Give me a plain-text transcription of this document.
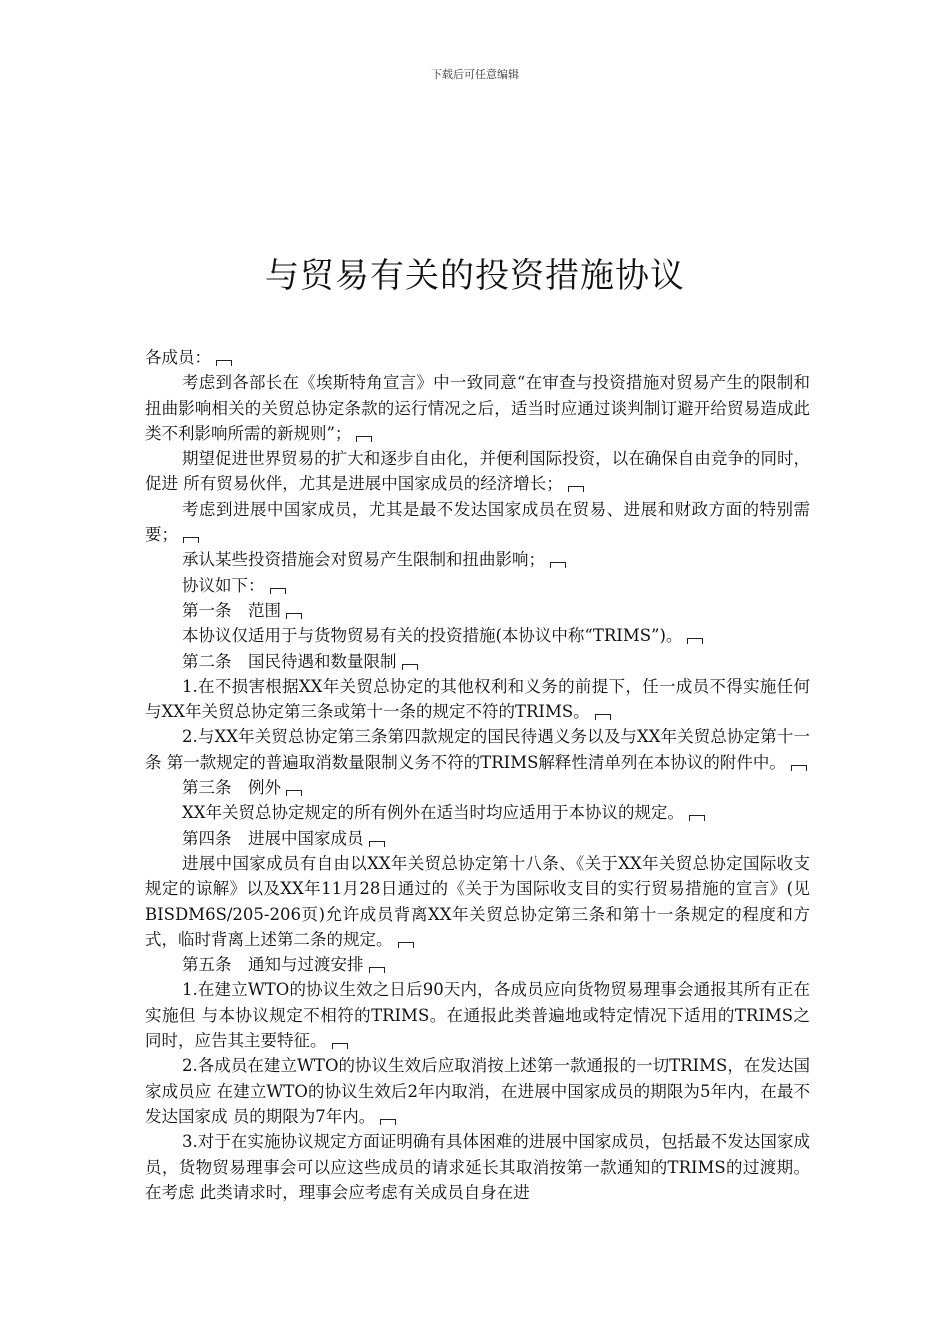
下载后可任意编辑
与贸易有关的投资措施协议

各成员：

考虑到各部长在《埃斯特角宣言》中一致同意“在审查与投资措施对贸易产生的限制和扭曲影响相关的关贸总协定条款的运行情况之后，适当时应通过谈判制订避开给贸易造成此类不利影响所需的新规则”；

期望促进世界贸易的扩大和逐步自由化，并便利国际投资，以在确保自由竞争的同时，促进 所有贸易伙伴，尤其是进展中国家成员的经济增长；

考虑到进展中国家成员，尤其是最不发达国家成员在贸易、进展和财政方面的特别需要；

承认某些投资措施会对贸易产生限制和扭曲影响；

协议如下：

第一条　范围

本协议仅适用于与货物贸易有关的投资措施(本协议中称“TRIMS”)。

第二条　国民待遇和数量限制

1.在不损害根据XX年关贸总协定的其他权利和义务的前提下，任一成员不得实施任何与XX年关贸总协定第三条或第十一条的规定不符的TRIMS。

2.与XX年关贸总协定第三条第四款规定的国民待遇义务以及与XX年关贸总协定第十一条 第一款规定的普遍取消数量限制义务不符的TRIMS解释性清单列在本协议的附件中。

第三条　例外

XX年关贸总协定规定的所有例外在适当时均应适用于本协议的规定。

第四条　进展中国家成员

进展中国家成员有自由以XX年关贸总协定第十八条、《关于XX年关贸总协定国际收支规定的谅解》以及XX年11月28日通过的《关于为国际收支目的实行贸易措施的宣言》(见BISDM6S/205-206页)允许成员背离XX年关贸总协定第三条和第十一条规定的程度和方式，临时背离上述第二条的规定。

第五条　通知与过渡安排

1.在建立WTO的协议生效之日后90天内，各成员应向货物贸易理事会通报其所有正在实施但 与本协议规定不相符的TRIMS。在通报此类普遍地或特定情况下适用的TRIMS之同时，应告其主要特征。

2.各成员在建立WTO的协议生效后应取消按上述第一款通报的一切TRIMS，在发达国家成员应 在建立WTO的协议生效后2年内取消，在进展中国家成员的期限为5年内，在最不发达国家成 员的期限为7年内。

3.对于在实施协议规定方面证明确有具体困难的进展中国家成员，包括最不发达国家成员，货物贸易理事会可以应这些成员的请求延长其取消按第一款通知的TRIMS的过渡期。在考虑 此类请求时，理事会应考虑有关成员自身在进
